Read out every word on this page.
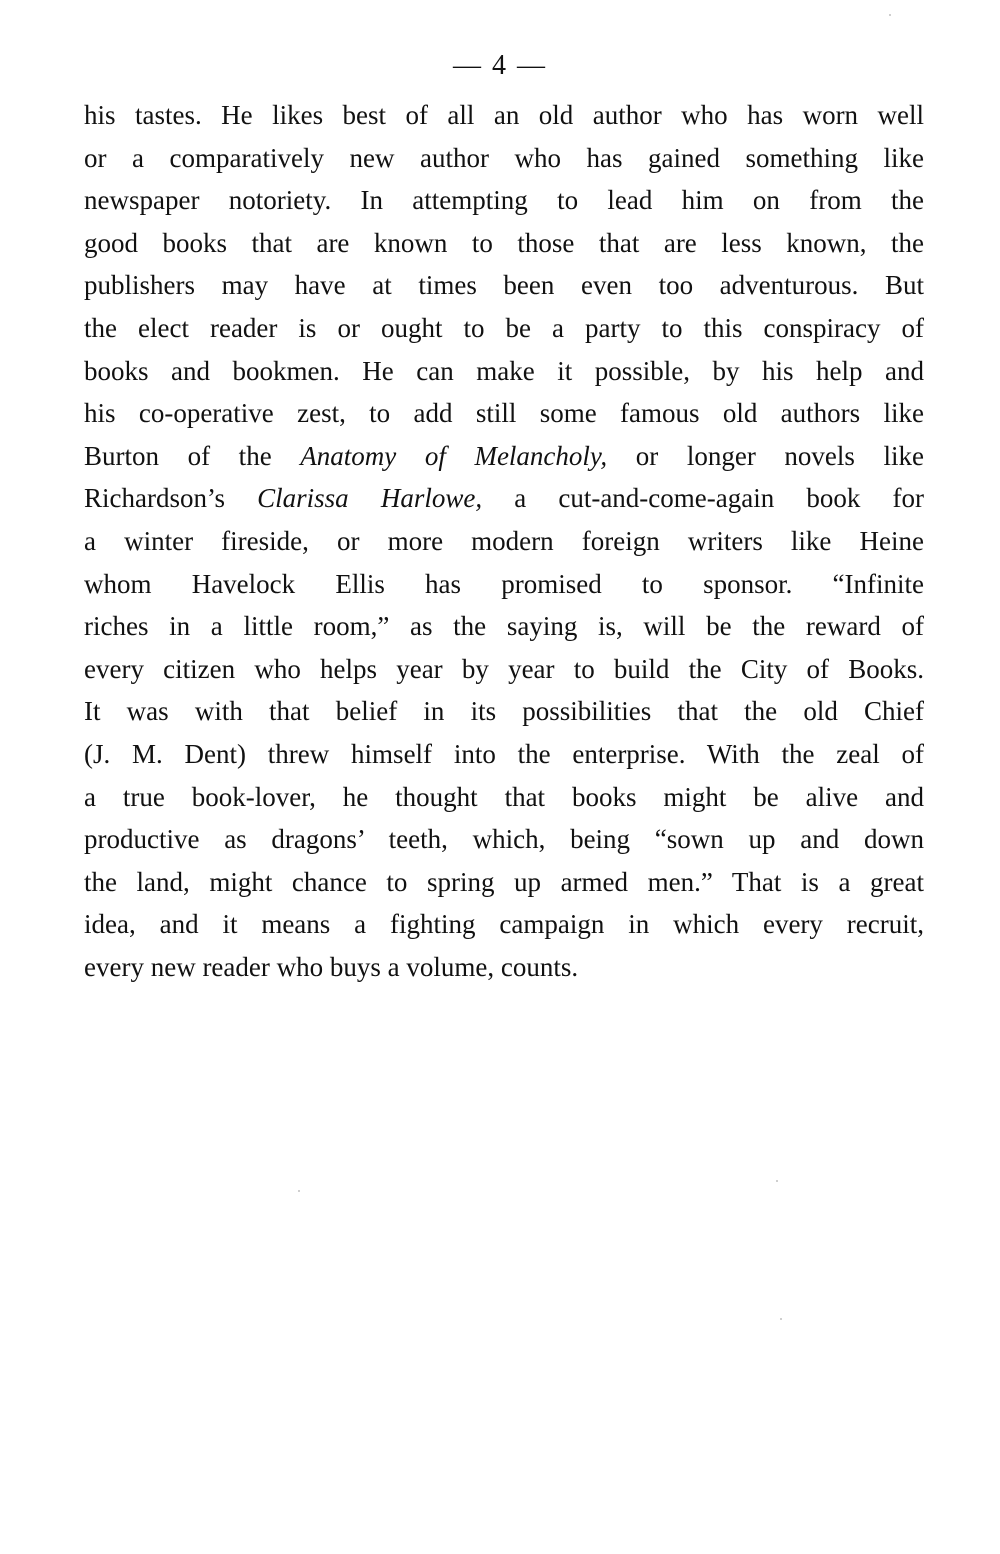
— 4 —
his tastes. He likes best of all an old author who has worn well
or a comparatively new author who has gained something like
newspaper notoriety. In attempting to lead him on from the
good books that are known to those that are less known, the
publishers may have at times been even too adventurous. But
the elect reader is or ought to be a party to this conspiracy of
books and bookmen. He can make it possible, by his help and
his co-operative zest, to add still some famous old authors like
Burton of the Anatomy of Melancholy, or longer novels like
Richardson’s Clarissa Harlowe, a cut-and-come-again book for
a winter fireside, or more modern foreign writers like Heine
whom Havelock Ellis has promised to sponsor. “Infinite
riches in a little room,” as the saying is, will be the reward of
every citizen who helps year by year to build the City of Books.
It was with that belief in its possibilities that the old Chief
(J. M. Dent) threw himself into the enterprise. With the zeal of
a true book-lover, he thought that books might be alive and
productive as dragons’ teeth, which, being “sown up and down
the land, might chance to spring up armed men.” That is a great
idea, and it means a fighting campaign in which every recruit,
every new reader who buys a volume, counts.
